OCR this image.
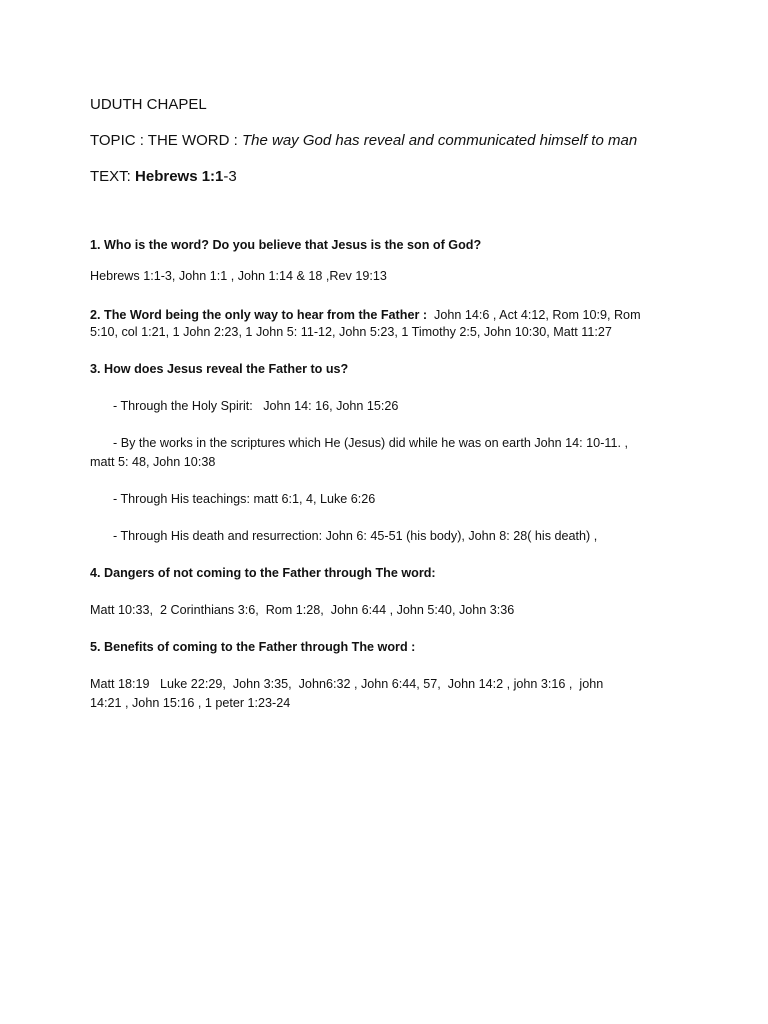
UDUTH CHAPEL
TOPIC : THE WORD : The way God has reveal and communicated himself to man
TEXT: Hebrews 1:1-3
1. Who is the word? Do you believe that Jesus is the son of God?
Hebrews 1:1-3, John 1:1 , John 1:14 & 18 ,Rev 19:13
2. The Word being the only way to hear from the Father :  John 14:6 , Act 4:12, Rom 10:9, Rom
5:10, col 1:21, 1 John 2:23, 1 John 5: 11-12, John 5:23, 1 Timothy 2:5, John 10:30, Matt 11:27
3. How does Jesus reveal the Father to us?
- Through the Holy Spirit:   John 14: 16, John 15:26
- By the works in the scriptures which He (Jesus) did while he was on earth John 14: 10-11. ,
matt 5: 48, John 10:38
- Through His teachings: matt 6:1, 4, Luke 6:26
- Through His death and resurrection: John 6: 45-51 (his body), John 8: 28( his death) ,
4. Dangers of not coming to the Father through The word:
Matt 10:33,  2 Corinthians 3:6,  Rom 1:28,  John 6:44 , John 5:40, John 3:36
5. Benefits of coming to the Father through The word :
Matt 18:19   Luke 22:29,  John 3:35,  John6:32 , John 6:44, 57,  John 14:2 , john 3:16 ,  john
14:21 , John 15:16 , 1 peter 1:23-24
